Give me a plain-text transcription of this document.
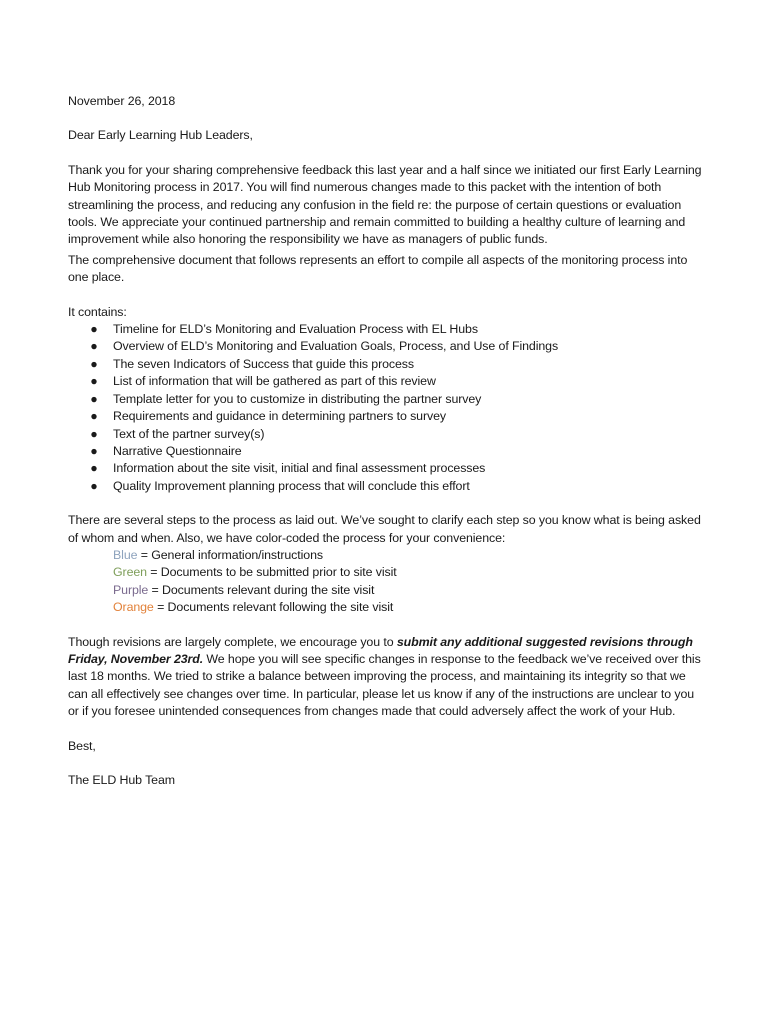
November 26, 2018

Dear Early Learning Hub Leaders,

Thank you for your sharing comprehensive feedback this last year and a half since we initiated our first Early Learning Hub Monitoring process in 2017. You will find numerous changes made to this packet with the intention of both streamlining the process, and reducing any confusion in the field re: the purpose of certain questions or evaluation tools. We appreciate your continued partnership and remain committed to building a healthy culture of learning and improvement while also honoring the responsibility we have as managers of public funds.

The comprehensive document that follows represents an effort to compile all aspects of the monitoring process into one place.

It contains:

● Timeline for ELD’s Monitoring and Evaluation Process with EL Hubs
● Overview of ELD’s Monitoring and Evaluation Goals, Process, and Use of Findings
● The seven Indicators of Success that guide this process
● List of information that will be gathered as part of this review
● Template letter for you to customize in distributing the partner survey
● Requirements and guidance in determining partners to survey
● Text of the partner survey(s)
● Narrative Questionnaire
● Information about the site visit, initial and final assessment processes
● Quality Improvement planning process that will conclude this effort

There are several steps to the process as laid out. We’ve sought to clarify each step so you know what is being asked of whom and when. Also, we have color-coded the process for your convenience:

Blue = General information/instructions
Green = Documents to be submitted prior to site visit
Purple = Documents relevant during the site visit
Orange = Documents relevant following the site visit

Though revisions are largely complete, we encourage you to submit any additional suggested revisions through Friday, November 23rd. We hope you will see specific changes in response to the feedback we’ve received over this last 18 months. We tried to strike a balance between improving the process, and maintaining its integrity so that we can all effectively see changes over time. In particular, please let us know if any of the instructions are unclear to you or if you foresee unintended consequences from changes made that could adversely affect the work of your Hub.

Best,

The ELD Hub Team
